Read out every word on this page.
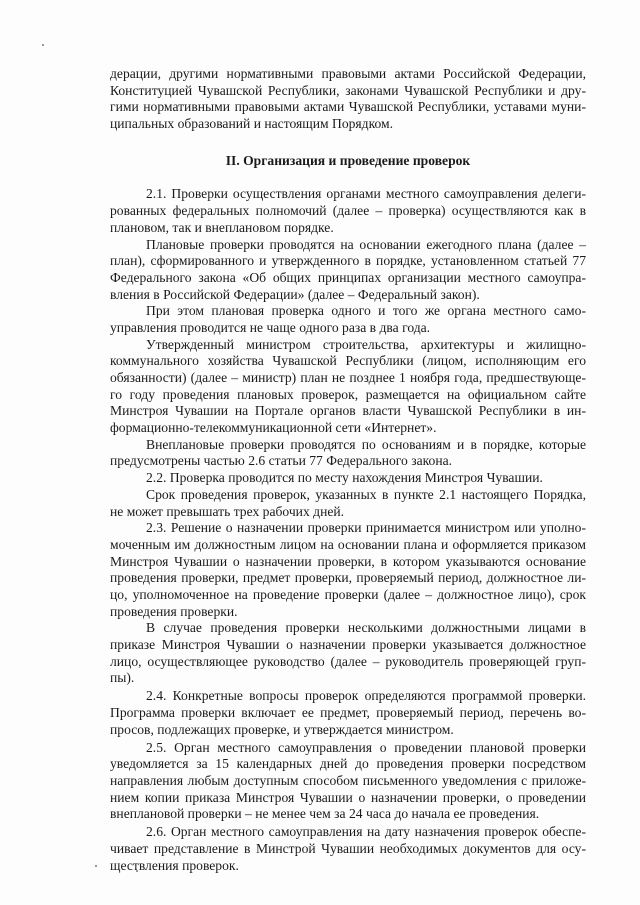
дерации, другими нормативными правовыми актами Российской Федерации,
Конституцией Чувашской Республики, законами Чувашской Республики и дру-
гими нормативными правовыми актами Чувашской Республики, уставами муни-
ципальных образований и настоящим Порядком.
II. Организация и проведение проверок
2.1. Проверки осуществления органами местного самоуправления делеги-
рованных федеральных полномочий (далее – проверка) осуществляются как в
плановом, так и внеплановом порядке.
Плановые проверки проводятся на основании ежегодного плана (далее –
план), сформированного и утвержденного в порядке, установленном статьей 77
Федерального закона «Об общих принципах организации местного самоупра-
вления в Российской Федерации» (далее – Федеральный закон).
При этом плановая проверка одного и того же органа местного само-
управления проводится не чаще одного раза в два года.
Утвержденный министром строительства, архитектуры и жилищно-
коммунального хозяйства Чувашской Республики (лицом, исполняющим его
обязанности) (далее – министр) план не позднее 1 ноября года, предшествующе-
го году проведения плановых проверок, размещается на официальном сайте
Минстроя Чувашии на Портале органов власти Чувашской Республики в ин-
формационно-телекоммуникационной сети «Интернет».
Внеплановые проверки проводятся по основаниям и в порядке, которые
предусмотрены частью 2.6 статьи 77 Федерального закона.
2.2. Проверка проводится по месту нахождения Минстроя Чувашии.
Срок проведения проверок, указанных в пункте 2.1 настоящего Порядка,
не может превышать трех рабочих дней.
2.3. Решение о назначении проверки принимается министром или уполно-
моченным им должностным лицом на основании плана и оформляется приказом
Минстроя Чувашии о назначении проверки, в котором указываются основание
проведения проверки, предмет проверки, проверяемый период, должностное ли-
цо, уполномоченное на проведение проверки (далее – должностное лицо), срок
проведения проверки.
В случае проведения проверки несколькими должностными лицами в
приказе Минстроя Чувашии о назначении проверки указывается должностное
лицо, осуществляющее руководство (далее – руководитель проверяющей груп-
пы).
2.4. Конкретные вопросы проверок определяются программой проверки.
Программа проверки включает ее предмет, проверяемый период, перечень во-
просов, подлежащих проверке, и утверждается министром.
2.5. Орган местного самоуправления о проведении плановой проверки
уведомляется за 15 календарных дней до проведения проверки посредством
направления любым доступным способом письменного уведомления с приложе-
нием копии приказа Минстроя Чувашии о назначении проверки, о проведении
внеплановой проверки – не менее чем за 24 часа до начала ее проведения.
2.6. Орган местного самоуправления на дату назначения проверок обеспе-
чивает представление в Минстрой Чувашии необходимых документов для осу-
ществления проверок.
